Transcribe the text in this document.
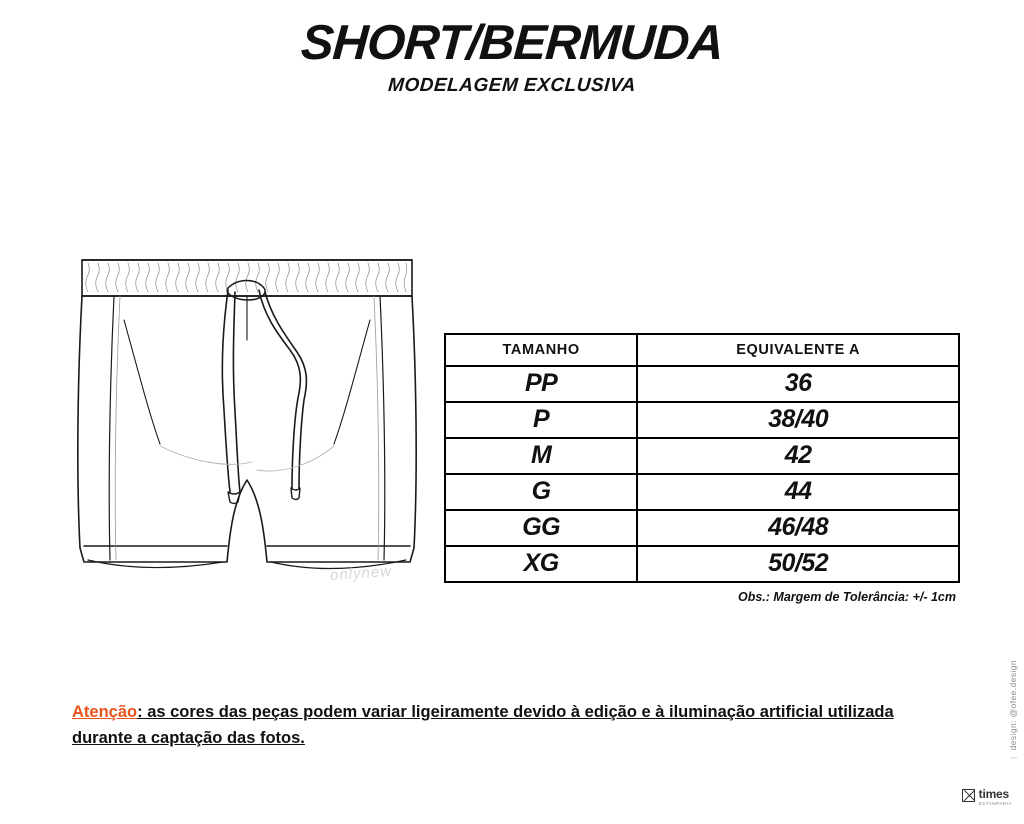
SHORT/BERMUDA
MODELAGEM EXCLUSIVA
onlynew
TAMANHO	EQUIVALENTE A
PP	36
P	38/40
M	42
G	44
GG	46/48
XG	50/52
Obs.: Margem de Tolerância: +/- 1cm
Atenção: as cores das peças podem variar ligeiramente devido à edição e à iluminação artificial utilizada durante a captação das fotos.
|design: @ofee.design
times
ESTAMPARIA
